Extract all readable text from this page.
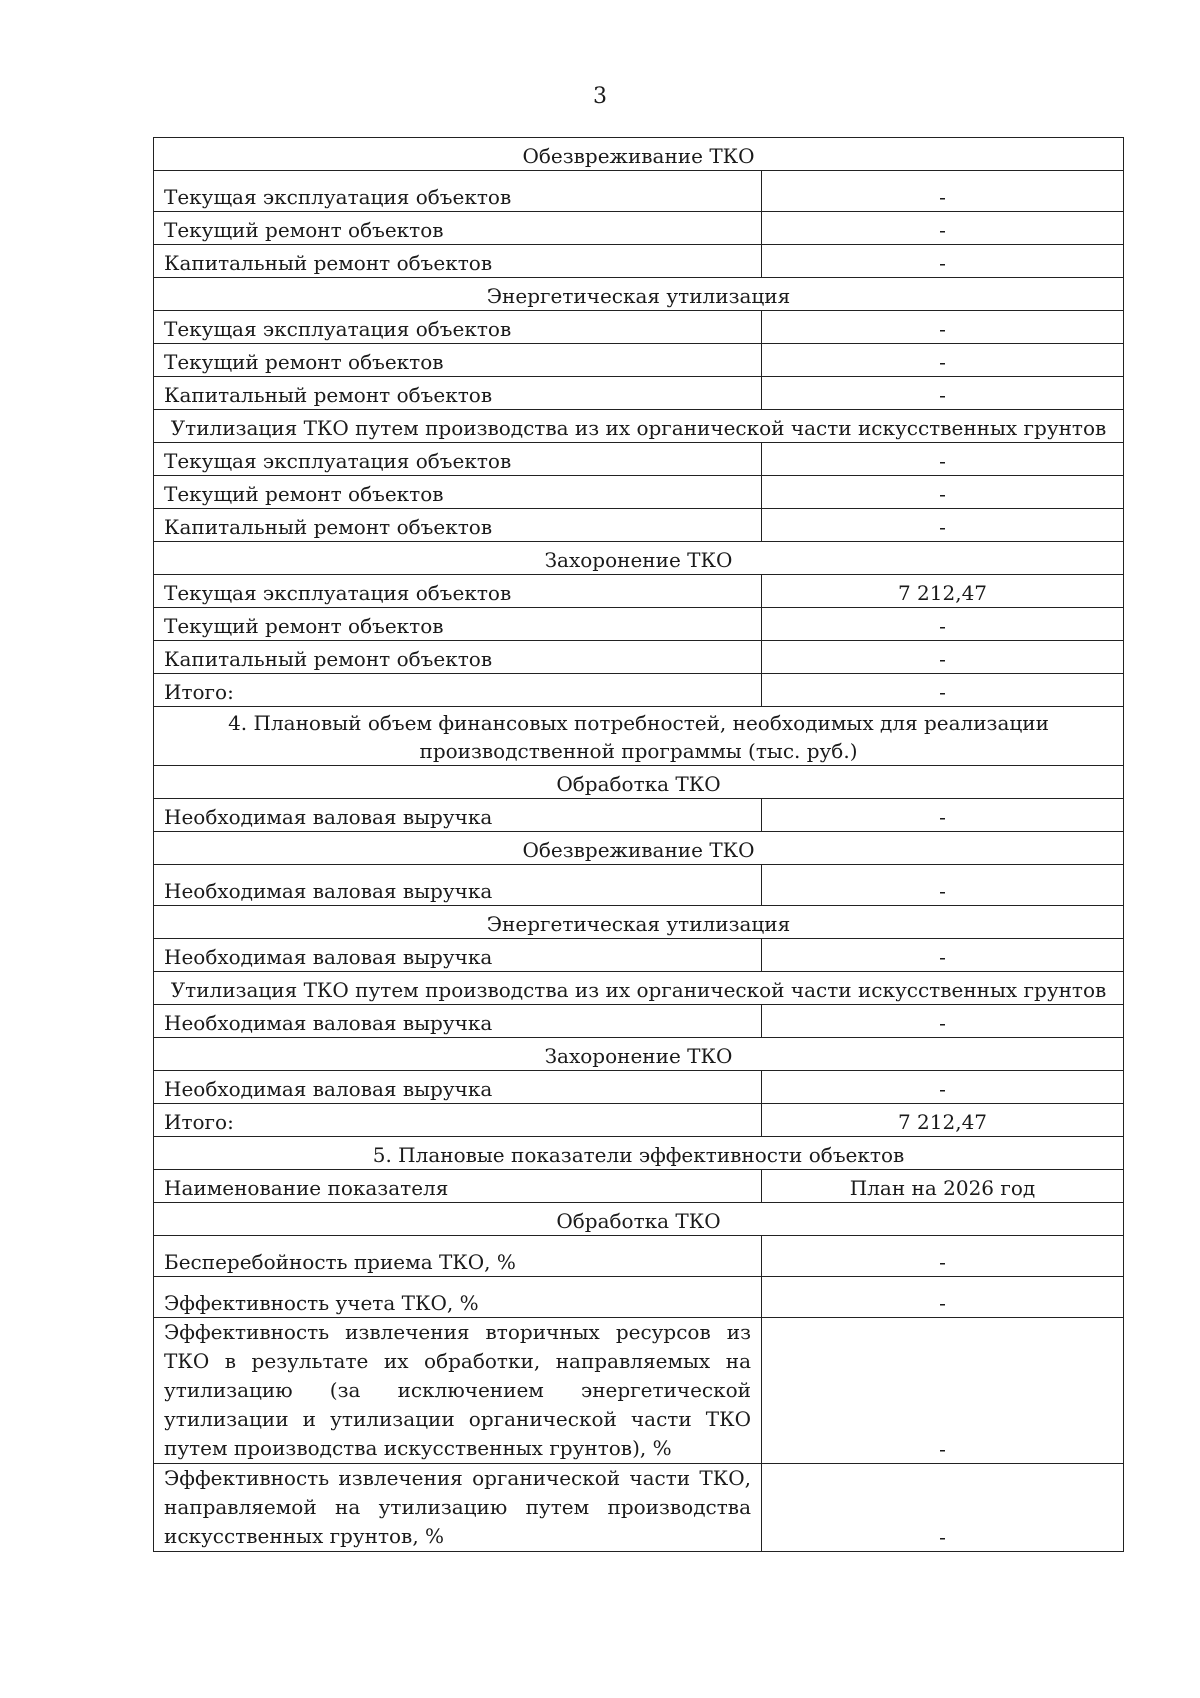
3
Обезвреживание ТКО	
Текущая эксплуатация объектов	-
Текущий ремонт объектов	-
Капитальный ремонт объектов	-
Энергетическая утилизация	
Текущая эксплуатация объектов	-
Текущий ремонт объектов	-
Капитальный ремонт объектов	-
Утилизация ТКО путем производства из их органической части искусственных грунтов	
Текущая эксплуатация объектов	-
Текущий ремонт объектов	-
Капитальный ремонт объектов	-
Захоронение ТКО	
Текущая эксплуатация объектов	7 212,47
Текущий ремонт объектов	-
Капитальный ремонт объектов	-
Итого:	-
4. Плановый объем финансовых потребностей, необходимых для реализации производственной программы (тыс. руб.)	
Обработка ТКО	
Необходимая валовая выручка	-
Обезвреживание ТКО	
Необходимая валовая выручка	-
Энергетическая утилизация	
Необходимая валовая выручка	-
Утилизация ТКО путем производства из их органической части искусственных грунтов	
Необходимая валовая выручка	-
Захоронение ТКО	
Необходимая валовая выручка	-
Итого:	7 212,47
5. Плановые показатели эффективности объектов	
Наименование показателя	План на 2026 год
Обработка ТКО	
Бесперебойность приема ТКО, %	-
Эффективность учета ТКО, %	-
Эффективность извлечения вторичных ресурсов из ТКО в результате их обработки, направляемых на утилизацию (за исключением энергетической утилизации и утилизации органической части ТКО путем производства искусственных грунтов), %	-
Эффективность извлечения органической части ТКО, направляемой на утилизацию путем производства искусственных грунтов, %	-
